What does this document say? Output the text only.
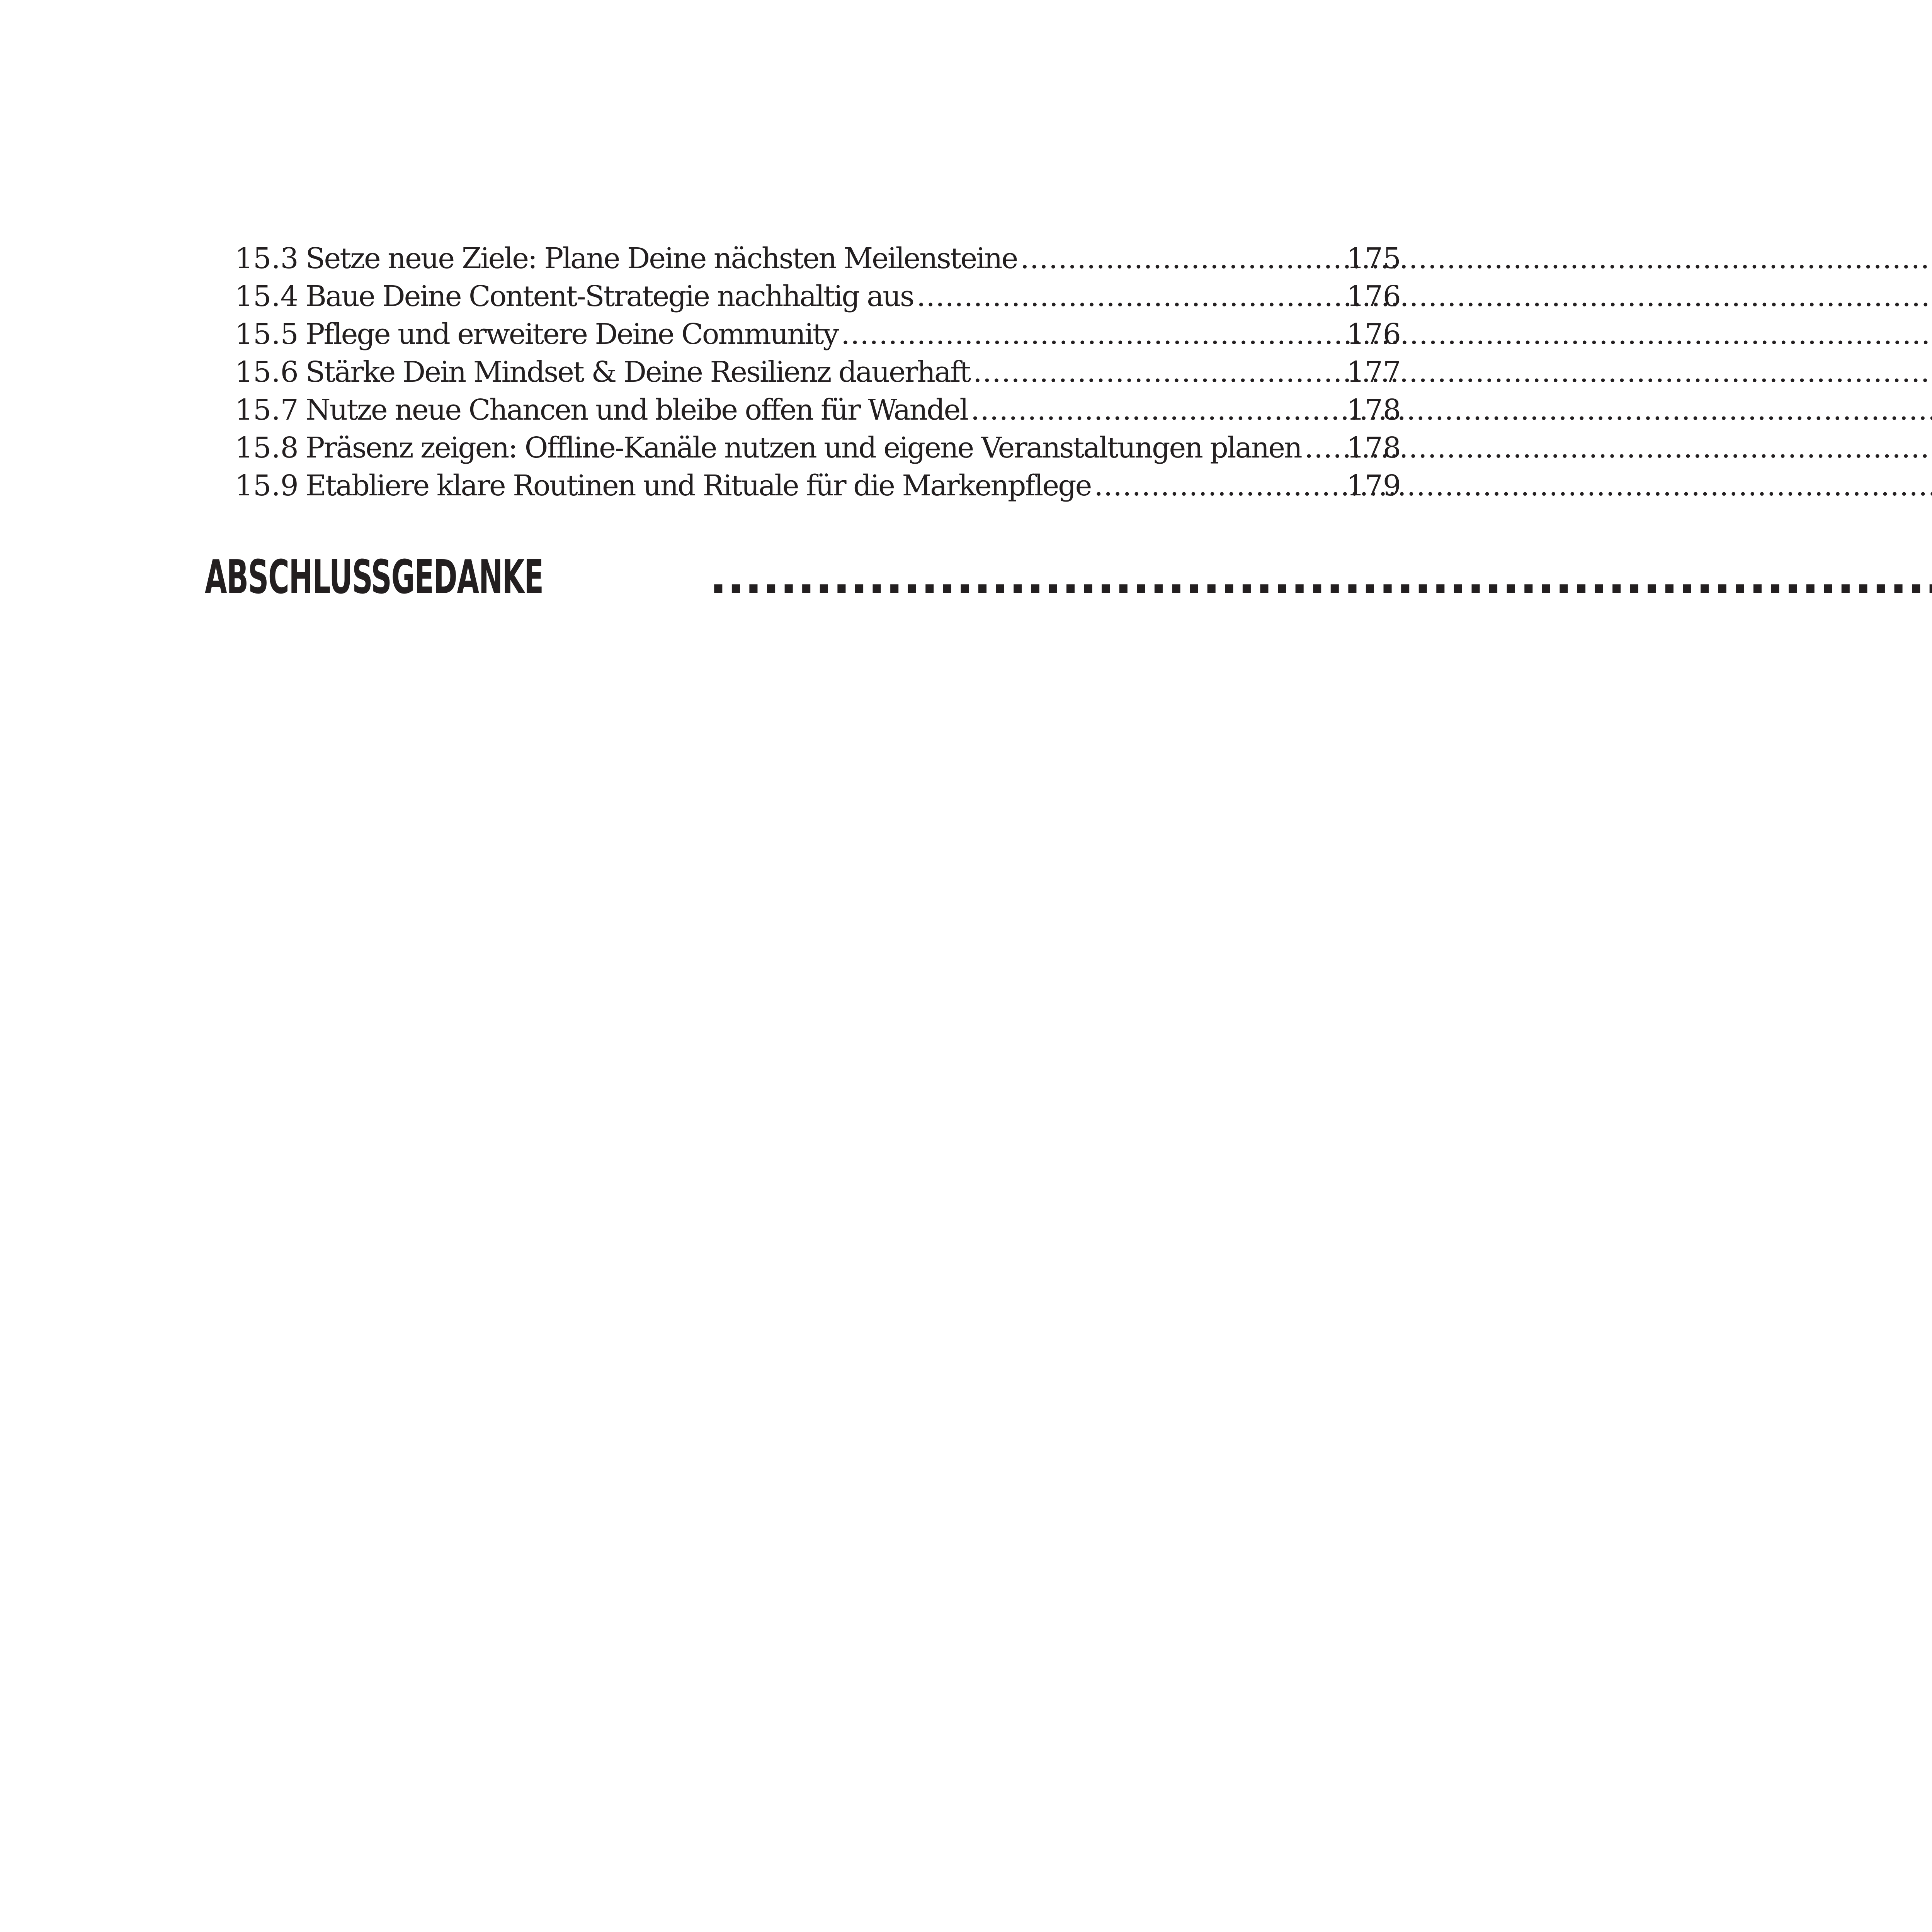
15.3 Setze neue Ziele: Plane Deine nächsten Meilensteine .....	175
15.4 Baue Deine Content-Strategie nachhaltig aus .....	176
15.5 Pflege und erweitere Deine Community .....	176
15.6 Stärke Dein Mindset & Deine Resilienz dauerhaft .....	177
15.7 Nutze neue Chancen und bleibe offen für Wandel .....	178
15.8 Präsenz zeigen: Offline-Kanäle nutzen und eigene Veranstaltungen planen ..... 178
15.9 Etabliere klare Routinen und Rituale für die Markenpflege .....	179
ABSCHLUSSGEDANKE
.....
